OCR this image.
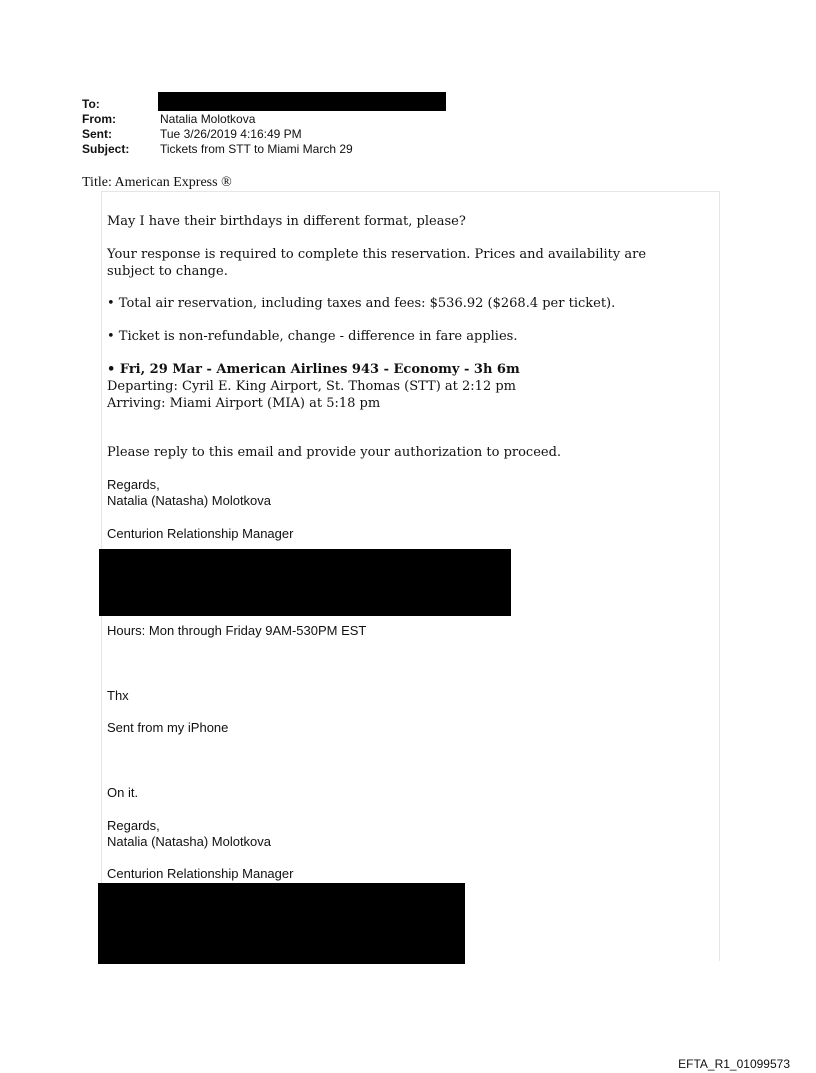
To:
From:	Natalia Molotkova
Sent:	Tue 3/26/2019 4:16:49 PM
Subject:	Tickets from STT to Miami March 29
Title: American Express ®
May I have their birthdays in different format, please?
Your response is required to complete this reservation. Prices and availability are
subject to change.
• Total air reservation, including taxes and fees: $536.92 ($268.4 per ticket).
• Ticket is non-refundable, change - difference in fare applies.
• Fri, 29 Mar - American Airlines 943 - Economy - 3h 6m
Departing: Cyril E. King Airport, St. Thomas (STT) at 2:12 pm
Arriving: Miami Airport (MIA) at 5:18 pm
Please reply to this email and provide your authorization to proceed.
Regards,
Natalia (Natasha) Molotkova
Centurion Relationship Manager
Hours: Mon through Friday 9AM-530PM EST
Thx
Sent from my iPhone
On it.
Regards,
Natalia (Natasha) Molotkova
Centurion Relationship Manager
EFTA_R1_01099573
